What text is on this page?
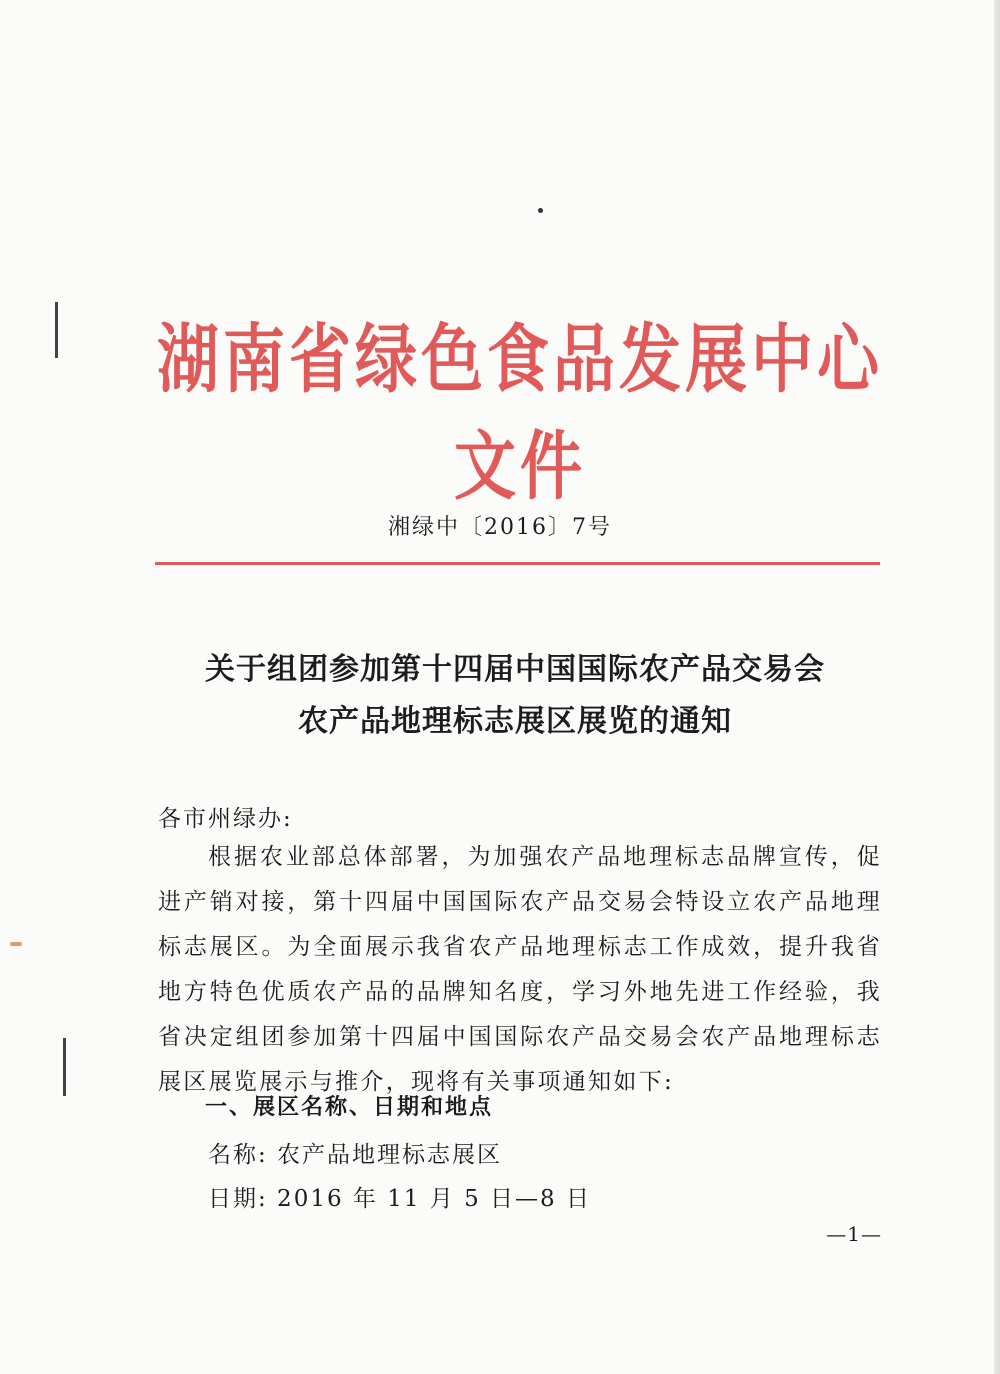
湖南省绿色食品发展中心文件
湘绿中〔2016〕7号
关于组团参加第十四届中国国际农产品交易会
农产品地理标志展区展览的通知
各市州绿办:
根据农业部总体部署，为加强农产品地理标志品牌宣传，促进产销对接，第十四届中国国际农产品交易会特设立农产品地理标志展区。为全面展示我省农产品地理标志工作成效，提升我省地方特色优质农产品的品牌知名度，学习外地先进工作经验，我省决定组团参加第十四届中国国际农产品交易会农产品地理标志展区展览展示与推介，现将有关事项通知如下:
一、展区名称、日期和地点
名称: 农产品地理标志展区
日期: 2016 年 11 月 5 日—8 日
—1—
